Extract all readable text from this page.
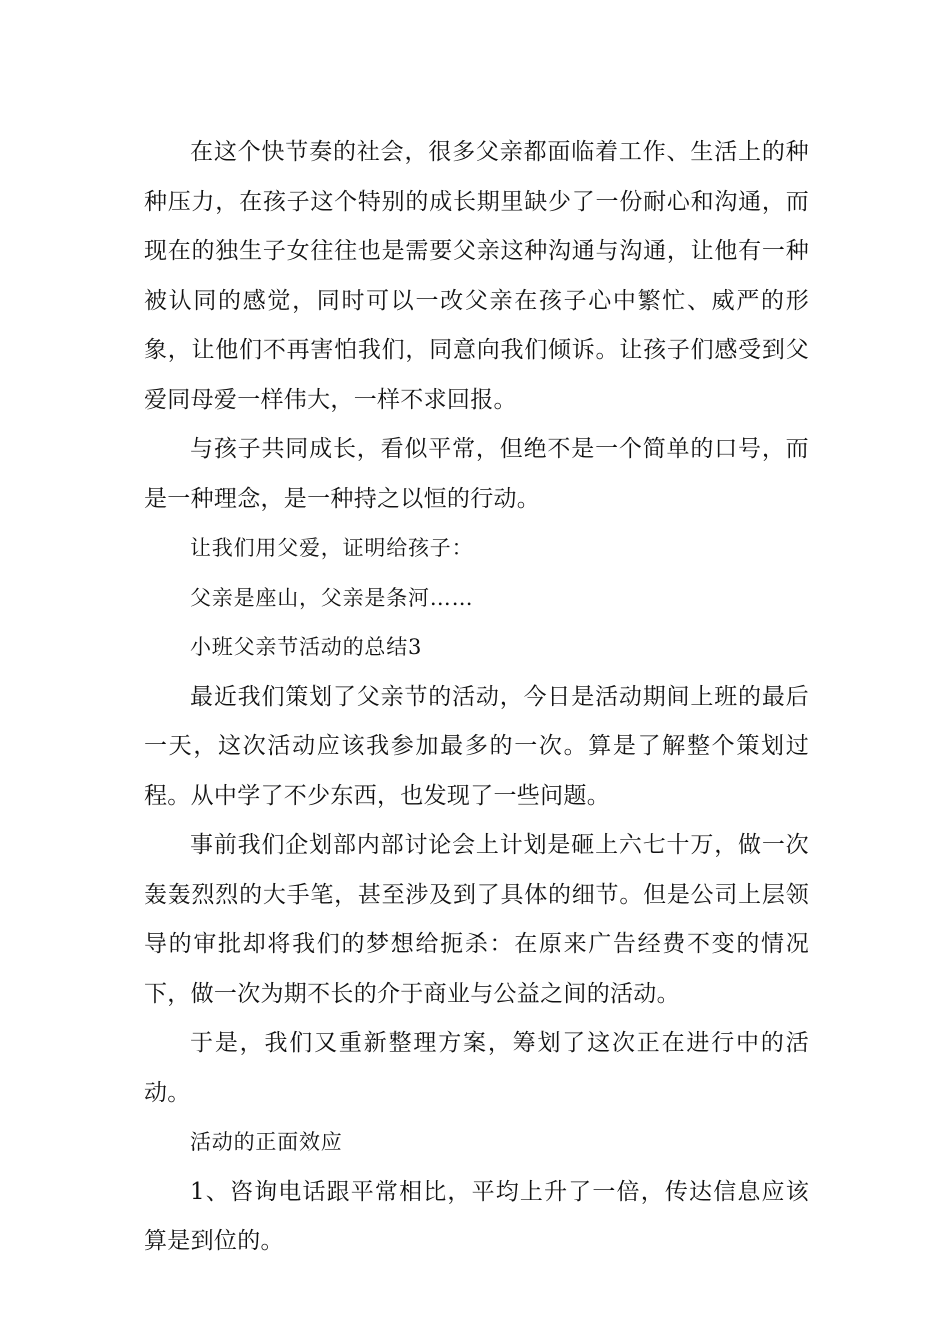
在这个快节奏的社会，很多父亲都面临着工作、生活上的种种压力，在孩子这个特别的成长期里缺少了一份耐心和沟通，而现在的独生子女往往也是需要父亲这种沟通与沟通，让他有一种被认同的感觉，同时可以一改父亲在孩子心中繁忙、威严的形象，让他们不再害怕我们，同意向我们倾诉。让孩子们感受到父爱同母爱一样伟大，一样不求回报。

与孩子共同成长，看似平常，但绝不是一个简单的口号，而是一种理念，是一种持之以恒的行动。

让我们用父爱，证明给孩子：

父亲是座山，父亲是条河……

小班父亲节活动的总结3

最近我们策划了父亲节的活动，今日是活动期间上班的最后一天，这次活动应该我参加最多的一次。算是了解整个策划过程。从中学了不少东西，也发现了一些问题。

事前我们企划部内部讨论会上计划是砸上六七十万，做一次轰轰烈烈的大手笔，甚至涉及到了具体的细节。但是公司上层领导的审批却将我们的梦想给扼杀：在原来广告经费不变的情况下，做一次为期不长的介于商业与公益之间的活动。

于是，我们又重新整理方案，筹划了这次正在进行中的活动。

活动的正面效应

1、咨询电话跟平常相比，平均上升了一倍，传达信息应该算是到位的。
